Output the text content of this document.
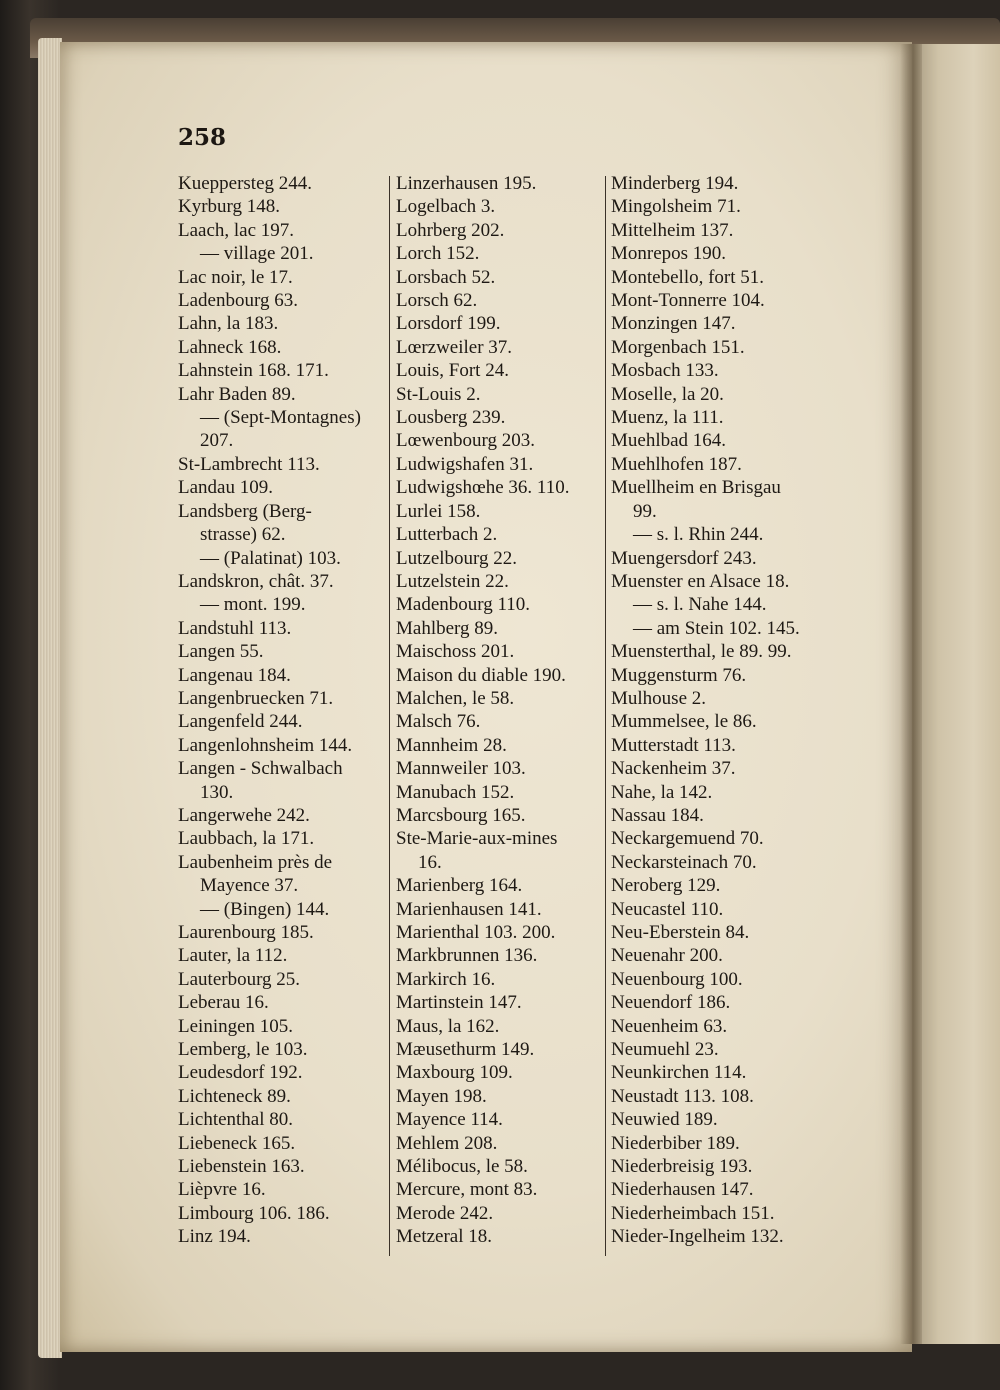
258
Kueppersteg 244.
Kyrburg 148.
Laach, lac 197.
— village 201.
Lac noir, le 17.
Ladenbourg 63.
Lahn, la 183.
Lahneck 168.
Lahnstein 168. 171.
Lahr Baden 89.
— (Sept-Montagnes)
207.
St-Lambrecht 113.
Landau 109.
Landsberg (Berg-
strasse) 62.
— (Palatinat) 103.
Landskron, chât. 37.
— mont. 199.
Landstuhl 113.
Langen 55.
Langenau 184.
Langenbruecken 71.
Langenfeld 244.
Langenlohnsheim 144.
Langen - Schwalbach
130.
Langerwehe 242.
Laubbach, la 171.
Laubenheim près de
Mayence 37.
— (Bingen) 144.
Laurenbourg 185.
Lauter, la 112.
Lauterbourg 25.
Leberau 16.
Leiningen 105.
Lemberg, le 103.
Leudesdorf 192.
Lichteneck 89.
Lichtenthal 80.
Liebeneck 165.
Liebenstein 163.
Lièpvre 16.
Limbourg 106. 186.
Linz 194.
Linzerhausen 195.
Logelbach 3.
Lohrberg 202.
Lorch 152.
Lorsbach 52.
Lorsch 62.
Lorsdorf 199.
Lœrzweiler 37.
Louis, Fort 24.
St-Louis 2.
Lousberg 239.
Lœwenbourg 203.
Ludwigshafen 31.
Ludwigshœhe 36. 110.
Lurlei 158.
Lutterbach 2.
Lutzelbourg 22.
Lutzelstein 22.
Madenbourg 110.
Mahlberg 89.
Maischoss 201.
Maison du diable 190.
Malchen, le 58.
Malsch 76.
Mannheim 28.
Mannweiler 103.
Manubach 152.
Marcsbourg 165.
Ste-Marie-aux-mines
16.
Marienberg 164.
Marienhausen 141.
Marienthal 103. 200.
Markbrunnen 136.
Markirch 16.
Martinstein 147.
Maus, la 162.
Mæusethurm 149.
Maxbourg 109.
Mayen 198.
Mayence 114.
Mehlem 208.
Mélibocus, le 58.
Mercure, mont 83.
Merode 242.
Metzeral 18.
Minderberg 194.
Mingolsheim 71.
Mittelheim 137.
Monrepos 190.
Montebello, fort 51.
Mont-Tonnerre 104.
Monzingen 147.
Morgenbach 151.
Mosbach 133.
Moselle, la 20.
Muenz, la 111.
Muehlbad 164.
Muehlhofen 187.
Muellheim en Brisgau
99.
— s. l. Rhin 244.
Muengersdorf 243.
Muenster en Alsace 18.
— s. l. Nahe 144.
— am Stein 102. 145.
Muensterthal, le 89. 99.
Muggensturm 76.
Mulhouse 2.
Mummelsee, le 86.
Mutterstadt 113.
Nackenheim 37.
Nahe, la 142.
Nassau 184.
Neckargemuend 70.
Neckarsteinach 70.
Neroberg 129.
Neucastel 110.
Neu-Eberstein 84.
Neuenahr 200.
Neuenbourg 100.
Neuendorf 186.
Neuenheim 63.
Neumuehl 23.
Neunkirchen 114.
Neustadt 113. 108.
Neuwied 189.
Niederbiber 189.
Niederbreisig 193.
Niederhausen 147.
Niederheimbach 151.
Nieder-Ingelheim 132.
